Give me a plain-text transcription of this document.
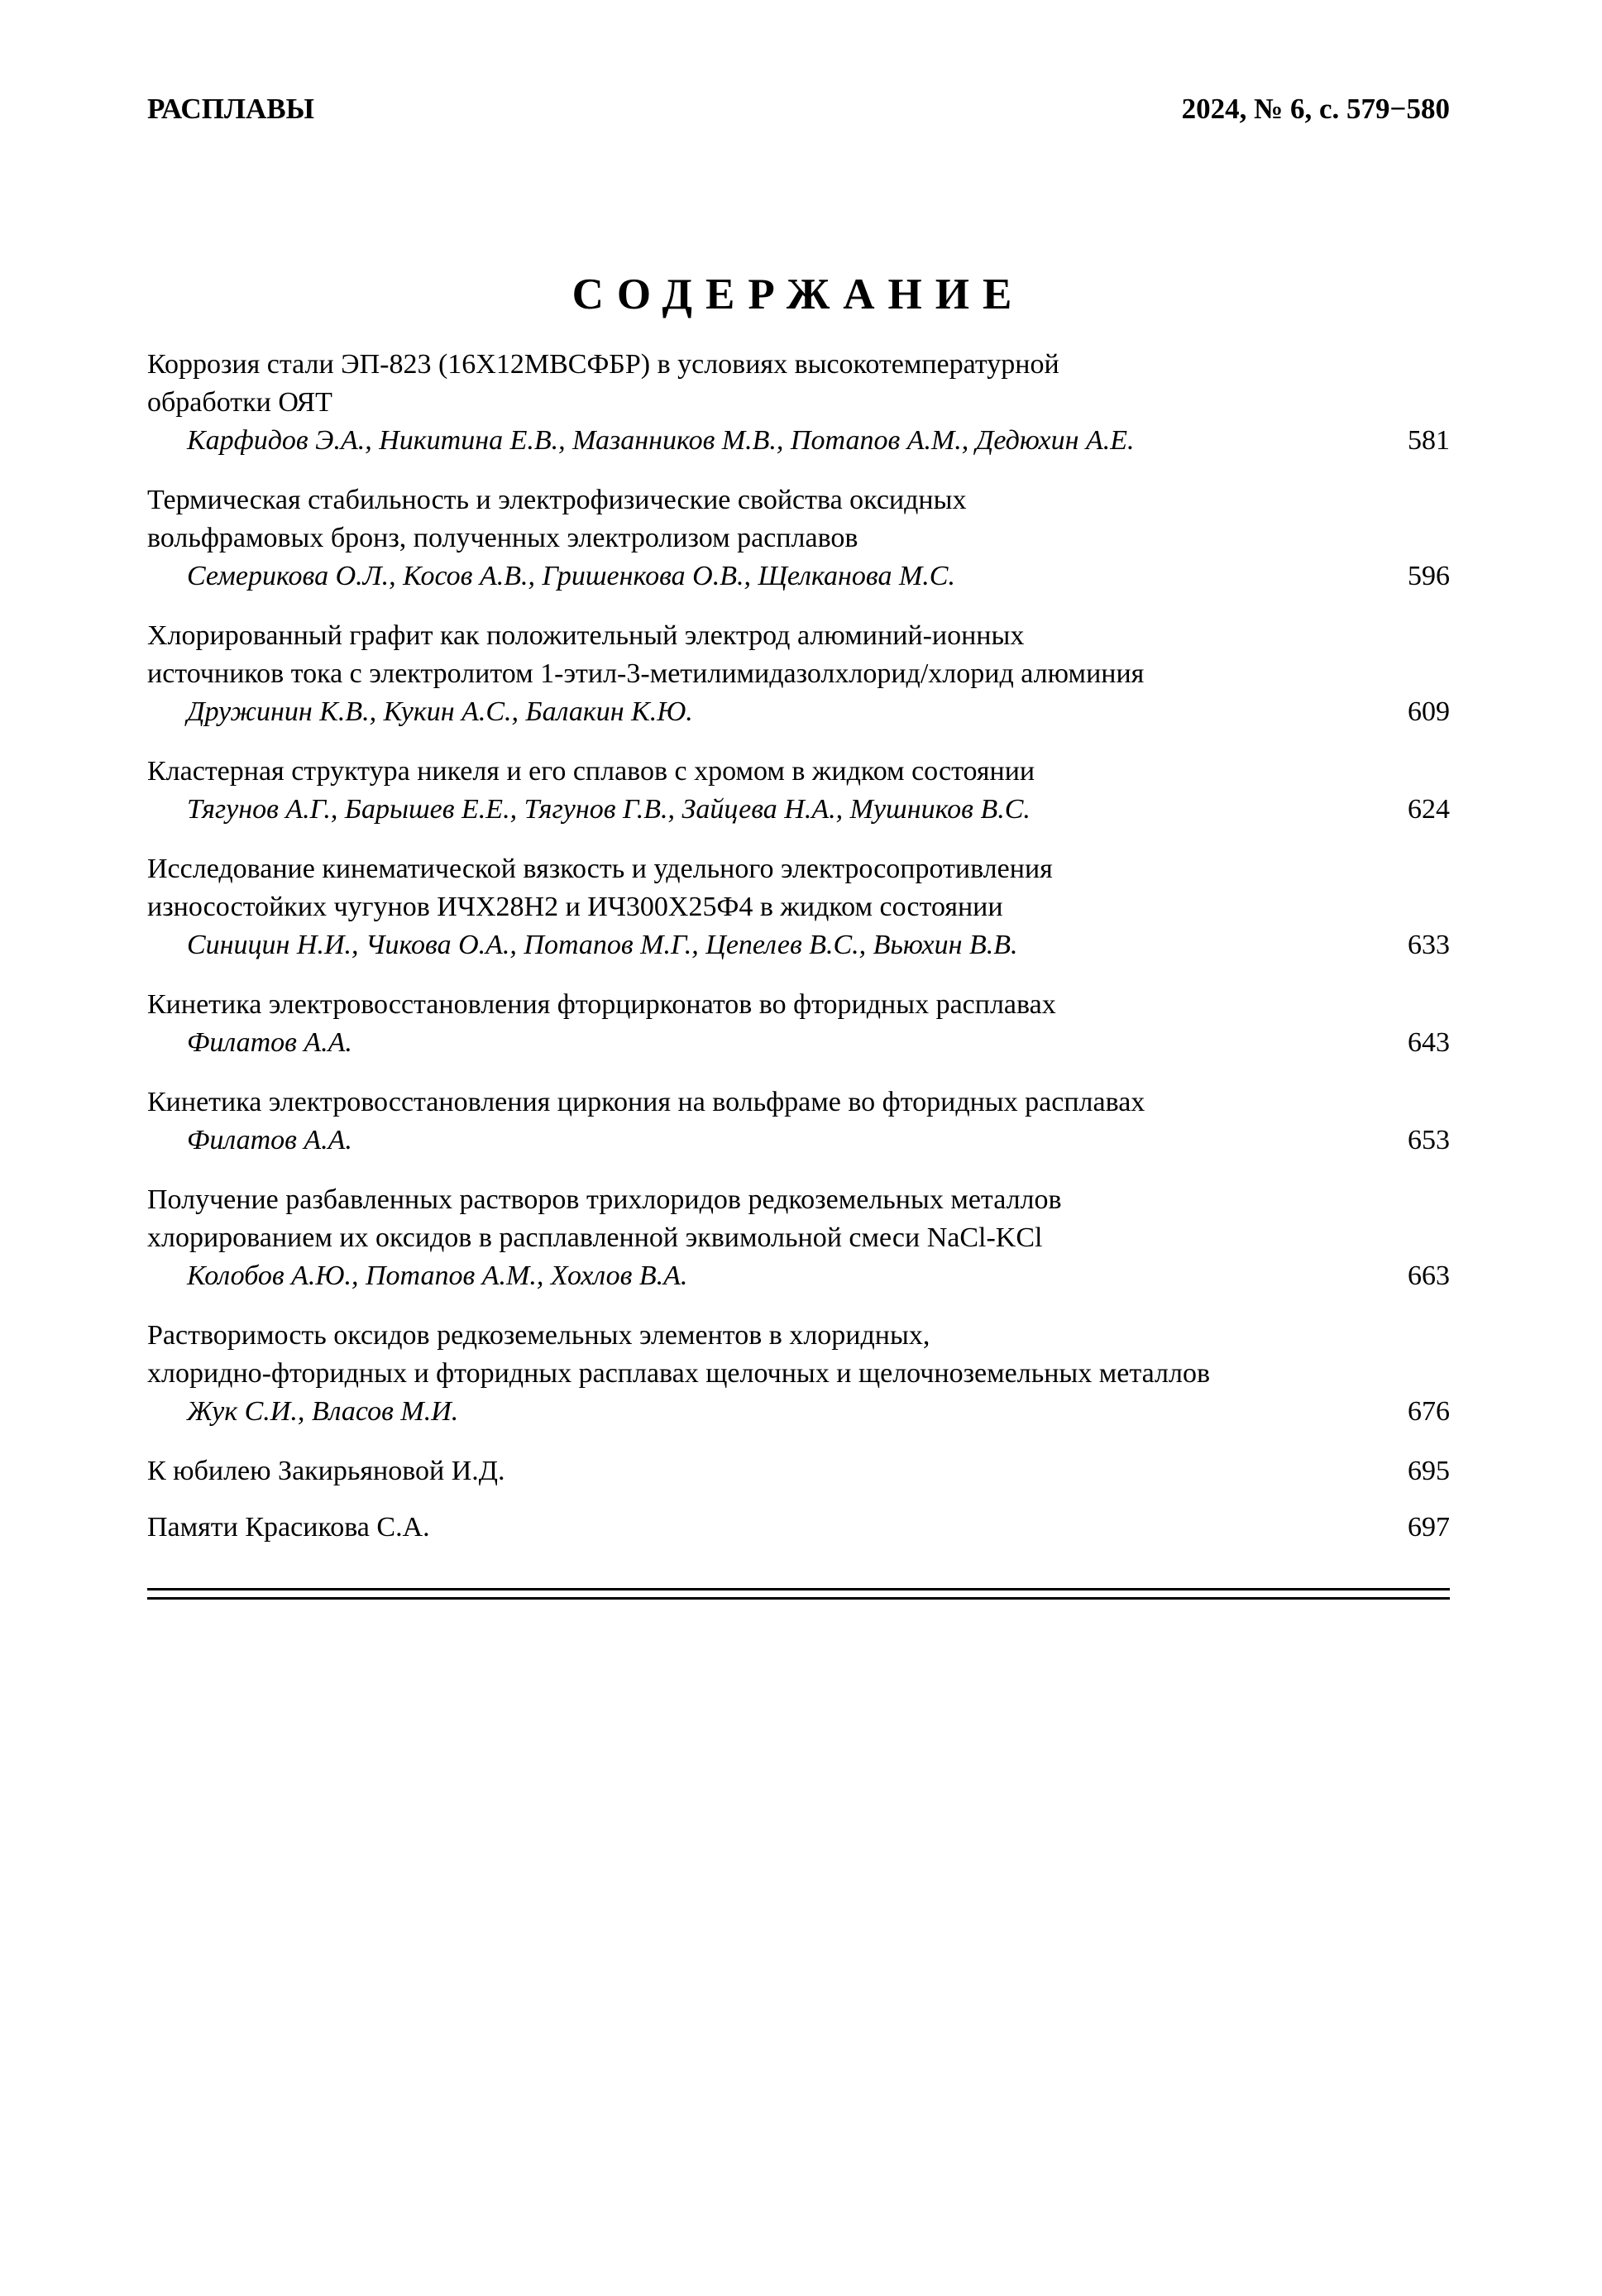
РАСПЛАВЫ	2024, № 6, с. 579−580
СОДЕРЖАНИЕ
Коррозия стали ЭП-823 (16Х12МВСФБР) в условиях высокотемпературной
обработки ОЯТ
Карфидов Э.А., Никитина Е.В., Мазанников М.В., Потапов А.М., Дедюхин А.Е.	581
Термическая стабильность и электрофизические свойства оксидных
вольфрамовых бронз, полученных электролизом расплавов
Семерикова О.Л., Косов А.В., Гришенкова О.В., Щелканова М.С.	596
Хлорированный графит как положительный электрод алюминий-ионных
источников тока с электролитом 1-этил-3-метилимидазолхлорид/хлорид алюминия
Дружинин К.В., Кукин А.С., Балакин К.Ю.	609
Кластерная структура никеля и его сплавов с хромом в жидком состоянии
Тягунов А.Г., Барышев Е.Е., Тягунов Г.В., Зайцева Н.А., Мушников В.С.	624
Исследование кинематической вязкость и удельного электросопротивления
износостойких чугунов ИЧХ28Н2 и ИЧ300Х25Ф4 в жидком состоянии
Синицин Н.И., Чикова О.А., Потапов М.Г., Цепелев В.С., Вьюхин В.В.	633
Кинетика электровосстановления фторцирконатов во фторидных расплавах
Филатов А.А.	643
Кинетика электровосстановления циркония на вольфраме во фторидных расплавах
Филатов А.А.	653
Получение разбавленных растворов трихлоридов редкоземельных металлов
хлорированием их оксидов в расплавленной эквимольной смеси NaCl-KCl
Колобов А.Ю., Потапов А.М., Хохлов В.А.	663
Растворимость оксидов редкоземельных элементов в хлоридных,
хлоридно-фторидных и фторидных расплавах щелочных и щелочноземельных металлов
Жук С.И., Власов М.И.	676
К юбилею Закирьяновой И.Д.	695
Памяти Красикова С.А.	697
